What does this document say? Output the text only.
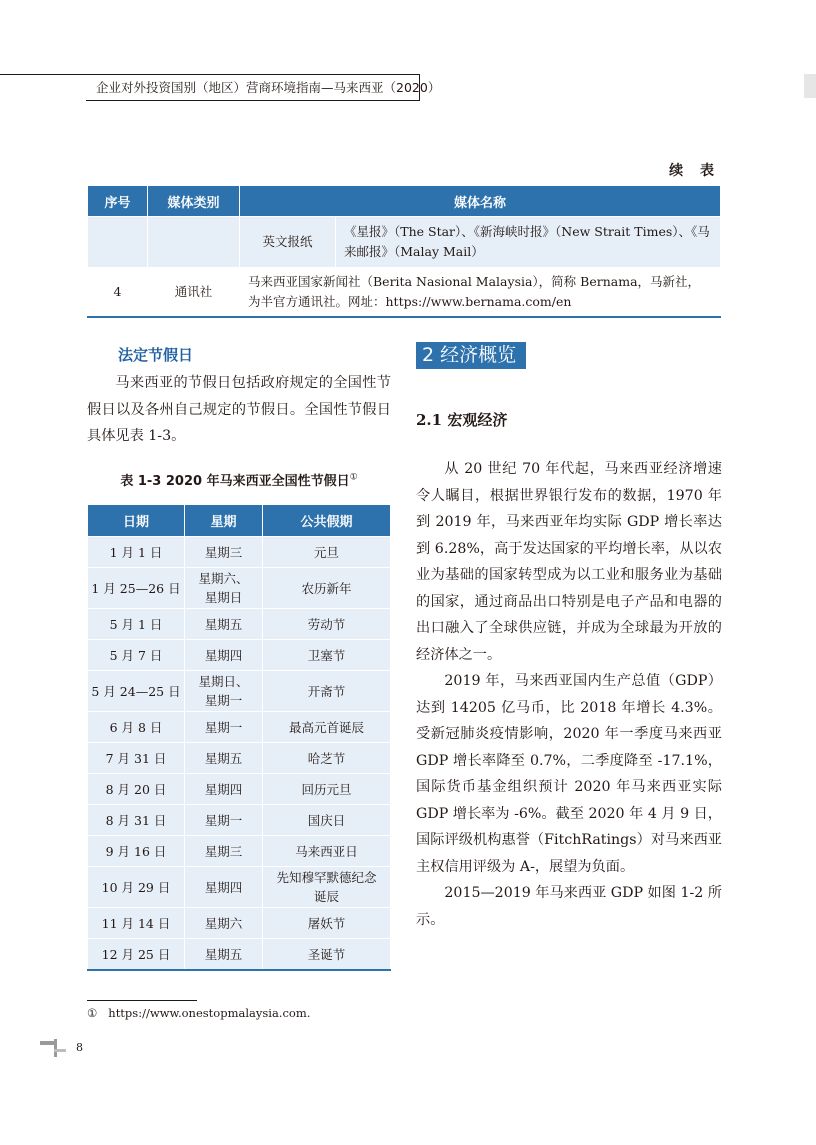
企业对外投资国别（地区）营商环境指南—马来西亚（2020）
续 表
序号	媒体类别	媒体名称	
		英文报纸	《星报》（The Star）、《新海峡时报》（New Strait Times）、《马来邮报》（Malay Mail）
4	通讯社	马来西亚国家新闻社（Berita Nasional Malaysia），简称 Bernama，马新社，为半官方通讯社。网址：https://www.bernama.com/en	
法定节假日
马来西亚的节假日包括政府规定的全国性节假日以及各州自己规定的节假日。全国性节假日具体见表 1-3。
表 1-3 2020 年马来西亚全国性节假日①
日期	星期	公共假期
1 月 1 日	星期三	元旦
1 月 25—26 日	星期六、星期日	农历新年
5 月 1 日	星期五	劳动节
5 月 7 日	星期四	卫塞节
5 月 24—25 日	星期日、星期一	开斋节
6 月 8 日	星期一	最高元首诞辰
7 月 31 日	星期五	哈芝节
8 月 20 日	星期四	回历元旦
8 月 31 日	星期一	国庆日
9 月 16 日	星期三	马来西亚日
10 月 29 日	星期四	先知穆罕默德纪念诞辰
11 月 14 日	星期六	屠妖节
12 月 25 日	星期五	圣诞节
2 经济概览
2.1 宏观经济

从 20 世纪 70 年代起，马来西亚经济增速令人瞩目，根据世界银行发布的数据，1970 年到 2019 年，马来西亚年均实际 GDP 增长率达到 6.28%，高于发达国家的平均增长率，从以农业为基础的国家转型成为以工业和服务业为基础的国家，通过商品出口特别是电子产品和电器的出口融入了全球供应链，并成为全球最为开放的经济体之一。

2019 年，马来西亚国内生产总值（GDP）达到 14205 亿马币，比 2018 年增长 4.3%。受新冠肺炎疫情影响，2020 年一季度马来西亚 GDP 增长率降至 0.7%，二季度降至 -17.1%，国际货币基金组织预计 2020 年马来西亚实际 GDP 增长率为 -6%。截至 2020 年 4 月 9 日，国际评级机构惠誉（FitchRatings）对马来西亚主权信用评级为 A-，展望为负面。

2015—2019 年马来西亚 GDP 如图 1-2 所示。

① https://www.onestopmalaysia.com.
8
